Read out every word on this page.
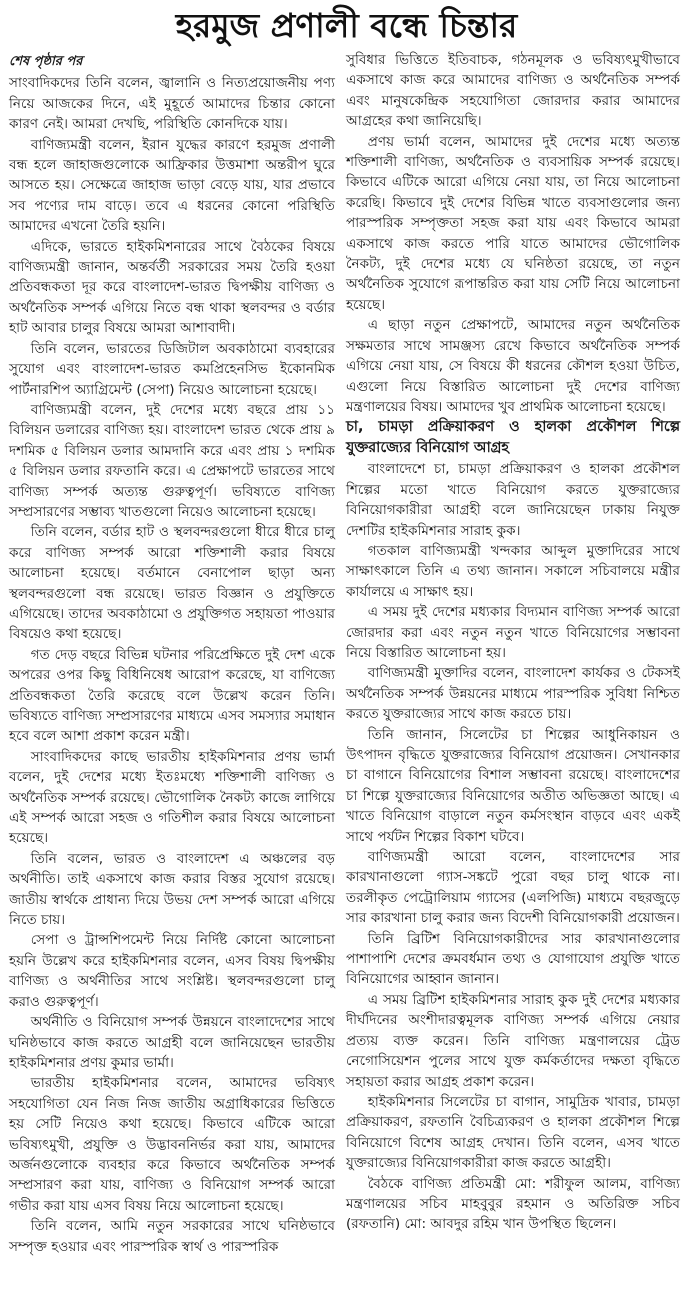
হরমুজ প্রণালী বন্ধে চিন্তার
শেষ পৃষ্ঠার পর

সাংবাদিকদের তিনি বলেন, জ্বালানি ও নিত্যপ্রয়োজনীয় পণ্য নিয়ে আজকের দিনে, এই মুহূর্তে আমাদের চিন্তার কোনো কারণ নেই। আমরা দেখছি, পরিস্থিতি কোনদিকে যায়।

বাণিজ্যমন্ত্রী বলেন, ইরান যুদ্ধের কারণে হরমুজ প্রণালী বন্ধ হলে জাহাজগুলোকে আফ্রিকার উত্তমাশা অন্তরীপ ঘুরে আসতে হয়। সেক্ষেত্রে জাহাজ ভাড়া বেড়ে যায়, যার প্রভাবে সব পণ্যের দাম বাড়ে। তবে এ ধরনের কোনো পরিস্থিতি আমাদের এখনো তৈরি হয়নি।

এদিকে, ভারতে হাইকমিশনারের সাথে বৈঠকের বিষয়ে বাণিজ্যমন্ত্রী জানান, অন্তর্বর্তী সরকারের সময় তৈরি হওয়া প্রতিবন্ধকতা দূর করে বাংলাদেশ-ভারত দ্বিপক্ষীয় বাণিজ্য ও অর্থনৈতিক সম্পর্ক এগিয়ে নিতে বন্ধ থাকা স্থলবন্দর ও বর্ডার হাট আবার চালুর বিষয়ে আমরা আশাবাদী।

তিনি বলেন, ভারতের ডিজিটাল অবকাঠামো ব্যবহারের সুযোগ এবং বাংলাদেশ-ভারত কমপ্রিহেনসিভ ইকোনমিক পার্টনারশিপ অ্যাগ্রিমেন্ট (সেপা) নিয়েও আলোচনা হয়েছে।

বাণিজ্যমন্ত্রী বলেন, দুই দেশের মধ্যে বছরে প্রায় ১১ বিলিয়ন ডলারের বাণিজ্য হয়। বাংলাদেশ ভারত থেকে প্রায় ৯ দশমিক ৫ বিলিয়ন ডলার আমদানি করে এবং প্রায় ১ দশমিক ৫ বিলিয়ন ডলার রফতানি করে। এ প্রেক্ষাপটে ভারতের সাথে বাণিজ্য সম্পর্ক অত্যন্ত গুরুত্বপূর্ণ। ভবিষ্যতে বাণিজ্য সম্প্রসারণের সম্ভাব্য খাতগুলো নিয়েও আলোচনা হয়েছে।

তিনি বলেন, বর্ডার হাট ও স্থলবন্দরগুলো ধীরে ধীরে চালু করে বাণিজ্য সম্পর্ক আরো শক্তিশালী করার বিষয়ে আলোচনা হয়েছে। বর্তমানে বেনাপোল ছাড়া অন্য স্থলবন্দরগুলো বন্ধ রয়েছে। ভারত বিজ্ঞান ও প্রযুক্তিতে এগিয়েছে। তাদের অবকাঠামো ও প্রযুক্তিগত সহায়তা পাওয়ার বিষয়েও কথা হয়েছে।

গত দেড় বছরে বিভিন্ন ঘটনার পরিপ্রেক্ষিতে দুই দেশ একে অপরের ওপর কিছু বিধিনিষেধ আরোপ করেছে, যা বাণিজ্যে প্রতিবন্ধকতা তৈরি করেছে বলে উল্লেখ করেন তিনি। ভবিষ্যতে বাণিজ্য সম্প্রসারণের মাধ্যমে এসব সমস্যার সমাধান হবে বলে আশা প্রকাশ করেন মন্ত্রী।

সাংবাদিকদের কাছে ভারতীয় হাইকমিশনার প্রণয় ভার্মা বলেন, দুই দেশের মধ্যে ইতঃমধ্যে শক্তিশালী বাণিজ্য ও অর্থনৈতিক সম্পর্ক রয়েছে। ভৌগোলিক নৈকট্য কাজে লাগিয়ে এই সম্পর্ক আরো সহজ ও গতিশীল করার বিষয়ে আলোচনা হয়েছে।

তিনি বলেন, ভারত ও বাংলাদেশ এ অঞ্চলের বড় অর্থনীতি। তাই একসাথে কাজ করার বিস্তর সুযোগ রয়েছে। জাতীয় স্বার্থকে প্রাধান্য দিয়ে উভয় দেশ সম্পর্ক আরো এগিয়ে নিতে চায়।

সেপা ও ট্রান্সশিপমেন্ট নিয়ে নির্দিষ্ট কোনো আলোচনা হয়নি উল্লেখ করে হাইকমিশনার বলেন, এসব বিষয় দ্বিপক্ষীয় বাণিজ্য ও অর্থনীতির সাথে সংশ্লিষ্ট। স্থলবন্দরগুলো চালু করাও গুরুত্বপূর্ণ।

অর্থনীতি ও বিনিয়োগ সম্পর্ক উন্নয়নে বাংলাদেশের সাথে ঘনিষ্ঠভাবে কাজ করতে আগ্রহী বলে জানিয়েছেন ভারতীয় হাইকমিশনার প্রণয় কুমার ভার্মা।

ভারতীয় হাইকমিশনার বলেন, আমাদের ভবিষ্যৎ সহযোগিতা যেন নিজ নিজ জাতীয় অগ্রাধিকারের ভিত্তিতে হয় সেটি নিয়েও কথা হয়েছে। কিভাবে এটিকে আরো ভবিষ্যৎমুখী, প্রযুক্তি ও উদ্ভাবননির্ভর করা যায়, আমাদের অর্জনগুলোকে ব্যবহার করে কিভাবে অর্থনৈতিক সম্পর্ক সম্প্রসারণ করা যায়, বাণিজ্য ও বিনিয়োগ সম্পর্ক আরো গভীর করা যায় এসব বিষয় নিয়ে আলোচনা হয়েছে।

তিনি বলেন, আমি নতুন সরকারের সাথে ঘনিষ্ঠভাবে সম্পৃক্ত হওয়ার এবং পারস্পরিক স্বার্থ ও পারস্পরিক

সুবিধার ভিত্তিতে ইতিবাচক, গঠনমূলক ও ভবিষ্যৎমুখীভাবে একসাথে কাজ করে আমাদের বাণিজ্য ও অর্থনৈতিক সম্পর্ক এবং মানুষকেন্দ্রিক সহযোগিতা জোরদার করার আমাদের আগ্রহের কথা জানিয়েছি।

প্রণয় ভার্মা বলেন, আমাদের দুই দেশের মধ্যে অত্যন্ত শক্তিশালী বাণিজ্য, অর্থনৈতিক ও ব্যবসায়িক সম্পর্ক রয়েছে। কিভাবে এটিকে আরো এগিয়ে নেয়া যায়, তা নিয়ে আলোচনা করেছি। কিভাবে দুই দেশের বিভিন্ন খাতে ব্যবসাগুলোর জন্য পারস্পরিক সম্পৃক্ততা সহজ করা যায় এবং কিভাবে আমরা একসাথে কাজ করতে পারি যাতে আমাদের ভৌগোলিক নৈকট্য, দুই দেশের মধ্যে যে ঘনিষ্ঠতা রয়েছে, তা নতুন অর্থনৈতিক সুযোগে রূপান্তরিত করা যায় সেটি নিয়ে আলোচনা হয়েছে।

এ ছাড়া নতুন প্রেক্ষাপটে, আমাদের নতুন অর্থনৈতিক সক্ষমতার সাথে সামঞ্জস্য রেখে কিভাবে অর্থনৈতিক সম্পর্ক এগিয়ে নেয়া যায়, সে বিষয়ে কী ধরনের কৌশল হওয়া উচিত, এগুলো নিয়ে বিস্তারিত আলোচনা দুই দেশের বাণিজ্য মন্ত্রণালয়ের বিষয়। আমাদের খুব প্রাথমিক আলোচনা হয়েছে।

চা, চামড়া প্রক্রিয়াকরণ ও হালকা প্রকৌশল শিল্পে যুক্তরাজ্যের বিনিয়োগ আগ্রহ

বাংলাদেশে চা, চামড়া প্রক্রিয়াকরণ ও হালকা প্রকৌশল শিল্পের মতো খাতে বিনিয়োগ করতে যুক্তরাজ্যের বিনিয়োগকারীরা আগ্রহী বলে জানিয়েছেন ঢাকায় নিযুক্ত দেশটির হাইকমিশনার সারাহ কুক।

গতকাল বাণিজ্যমন্ত্রী খন্দকার আব্দুল মুক্তাদিরের সাথে সাক্ষাৎকালে তিনি এ তথ্য জানান। সকালে সচিবালয়ে মন্ত্রীর কার্যালয়ে এ সাক্ষাৎ হয়।

এ সময় দুই দেশের মধ্যকার বিদ্যমান বাণিজ্য সম্পর্ক আরো জোরদার করা এবং নতুন নতুন খাতে বিনিয়োগের সম্ভাবনা নিয়ে বিস্তারিত আলোচনা হয়।

বাণিজ্যমন্ত্রী মুক্তাদির বলেন, বাংলাদেশ কার্যকর ও টেকসই অর্থনৈতিক সম্পর্ক উন্নয়নের মাধ্যমে পারস্পরিক সুবিধা নিশ্চিত করতে যুক্তরাজ্যের সাথে কাজ করতে চায়।

তিনি জানান, সিলেটের চা শিল্পের আধুনিকায়ন ও উৎপাদন বৃদ্ধিতে যুক্তরাজ্যের বিনিয়োগ প্রয়োজন। সেখানকার চা বাগানে বিনিয়োগের বিশাল সম্ভাবনা রয়েছে। বাংলাদেশের চা শিল্পে যুক্তরাজ্যের বিনিয়োগের অতীত অভিজ্ঞতা আছে। এ খাতে বিনিয়োগ বাড়ালে নতুন কর্মসংস্থান বাড়বে এবং একই সাথে পর্যটন শিল্পের বিকাশ ঘটবে।

বাণিজ্যমন্ত্রী আরো বলেন, বাংলাদেশের সার কারখানাগুলো গ্যাস-সঙ্কটে পুরো বছর চালু থাকে না। তরলীকৃত পেট্রোলিয়াম গ্যাসের (এলপিজি) মাধ্যমে বছরজুড়ে সার কারখানা চালু করার জন্য বিদেশী বিনিয়োগকারী প্রয়োজন।

তিনি ব্রিটিশ বিনিয়োগকারীদের সার কারখানাগুলোর পাশাপাশি দেশের ক্রমবর্ধমান তথ্য ও যোগাযোগ প্রযুক্তি খাতে বিনিয়োগের আহ্বান জানান।

এ সময় ব্রিটিশ হাইকমিশনার সারাহ কুক দুই দেশের মধ্যকার দীর্ঘদিনের অংশীদারত্বমূলক বাণিজ্য সম্পর্ক এগিয়ে নেয়ার প্রত্যয় ব্যক্ত করেন। তিনি বাণিজ্য মন্ত্রণালয়ের ট্রেড নেগোসিয়েশন পুলের সাথে যুক্ত কর্মকর্তাদের দক্ষতা বৃদ্ধিতে সহায়তা করার আগ্রহ প্রকাশ করেন।

হাইকমিশনার সিলেটের চা বাগান, সামুদ্রিক খাবার, চামড়া প্রক্রিয়াকরণ, রফতানি বৈচিত্র্যকরণ ও হালকা প্রকৌশল শিল্পে বিনিয়োগে বিশেষ আগ্রহ দেখান। তিনি বলেন, এসব খাতে যুক্তরাজ্যের বিনিয়োগকারীরা কাজ করতে আগ্রহী।

বৈঠকে বাণিজ্য প্রতিমন্ত্রী মো: শরীফুল আলম, বাণিজ্য মন্ত্রণালয়ের সচিব মাহবুবুর রহমান ও অতিরিক্ত সচিব (রফতানি) মো: আবদুর রহিম খান উপস্থিত ছিলেন।
